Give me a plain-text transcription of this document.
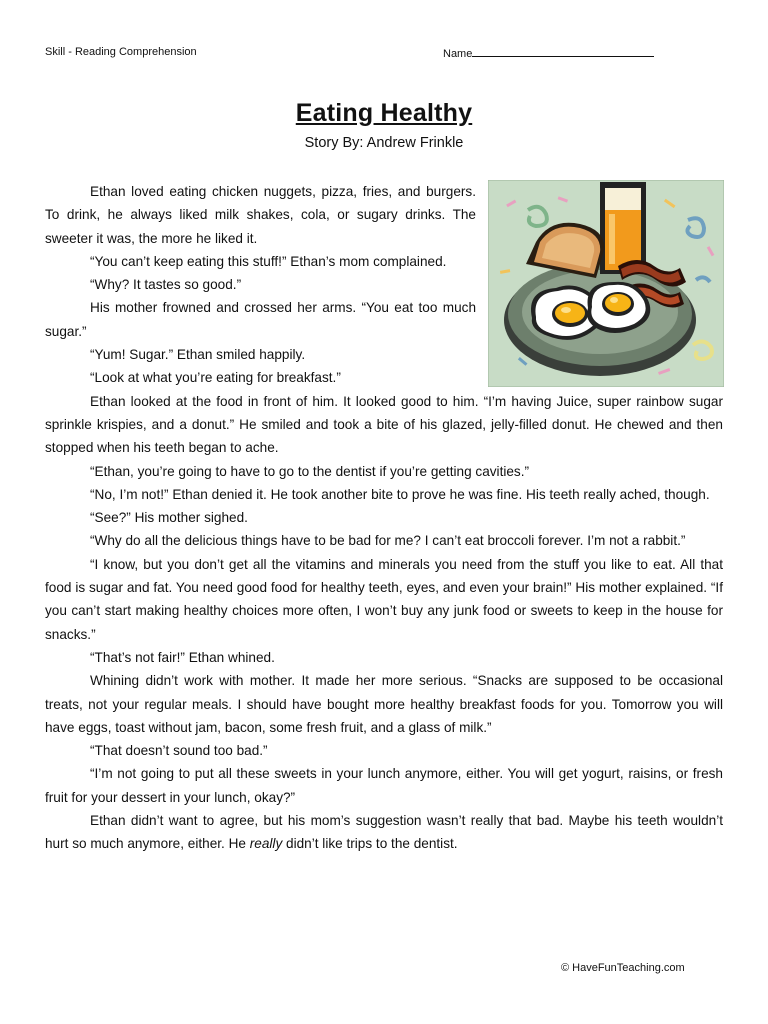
Skill - Reading Comprehension	Name
Eating Healthy
Story By: Andrew Frinkle

Ethan loved eating chicken nuggets, pizza, fries, and burgers. To drink, he always liked milk shakes, cola, or sugary drinks. The sweeter it was, the more he liked it.

“You can’t keep eating this stuff!” Ethan’s mom complained.

“Why? It tastes so good.”

His mother frowned and crossed her arms. “You eat too much sugar.”

“Yum! Sugar.” Ethan smiled happily.

“Look at what you’re eating for breakfast.”

Ethan looked at the food in front of him. It looked good to him. “I’m having Juice, super rainbow sugar sprinkle krispies, and a donut.” He smiled and took a bite of his glazed, jelly-filled donut. He chewed and then stopped when his teeth began to ache.

“Ethan, you’re going to have to go to the dentist if you’re getting cavities.”

“No, I’m not!” Ethan denied it. He took another bite to prove he was fine. His teeth really ached, though.

“See?” His mother sighed.

“Why do all the delicious things have to be bad for me? I can’t eat broccoli forever. I’m not a rabbit.”

“I know, but you don’t get all the vitamins and minerals you need from the stuff you like to eat. All that food is sugar and fat. You need good food for healthy teeth, eyes, and even your brain!” His mother explained. “If you can’t start making healthy choices more often, I won’t buy any junk food or sweets to keep in the house for snacks.”

“That’s not fair!” Ethan whined.

Whining didn’t work with mother. It made her more serious. “Snacks are supposed to be occasional treats, not your regular meals. I should have bought more healthy breakfast foods for you. Tomorrow you will have eggs, toast without jam, bacon, some fresh fruit, and a glass of milk.”

“That doesn’t sound too bad.”

“I’m not going to put all these sweets in your lunch anymore, either. You will get yogurt, raisins, or fresh fruit for your dessert in your lunch, okay?”

Ethan didn’t want to agree, but his mom’s suggestion wasn’t really that bad. Maybe his teeth wouldn’t hurt so much anymore, either. He really didn’t like trips to the dentist.

© HaveFunTeaching.com
